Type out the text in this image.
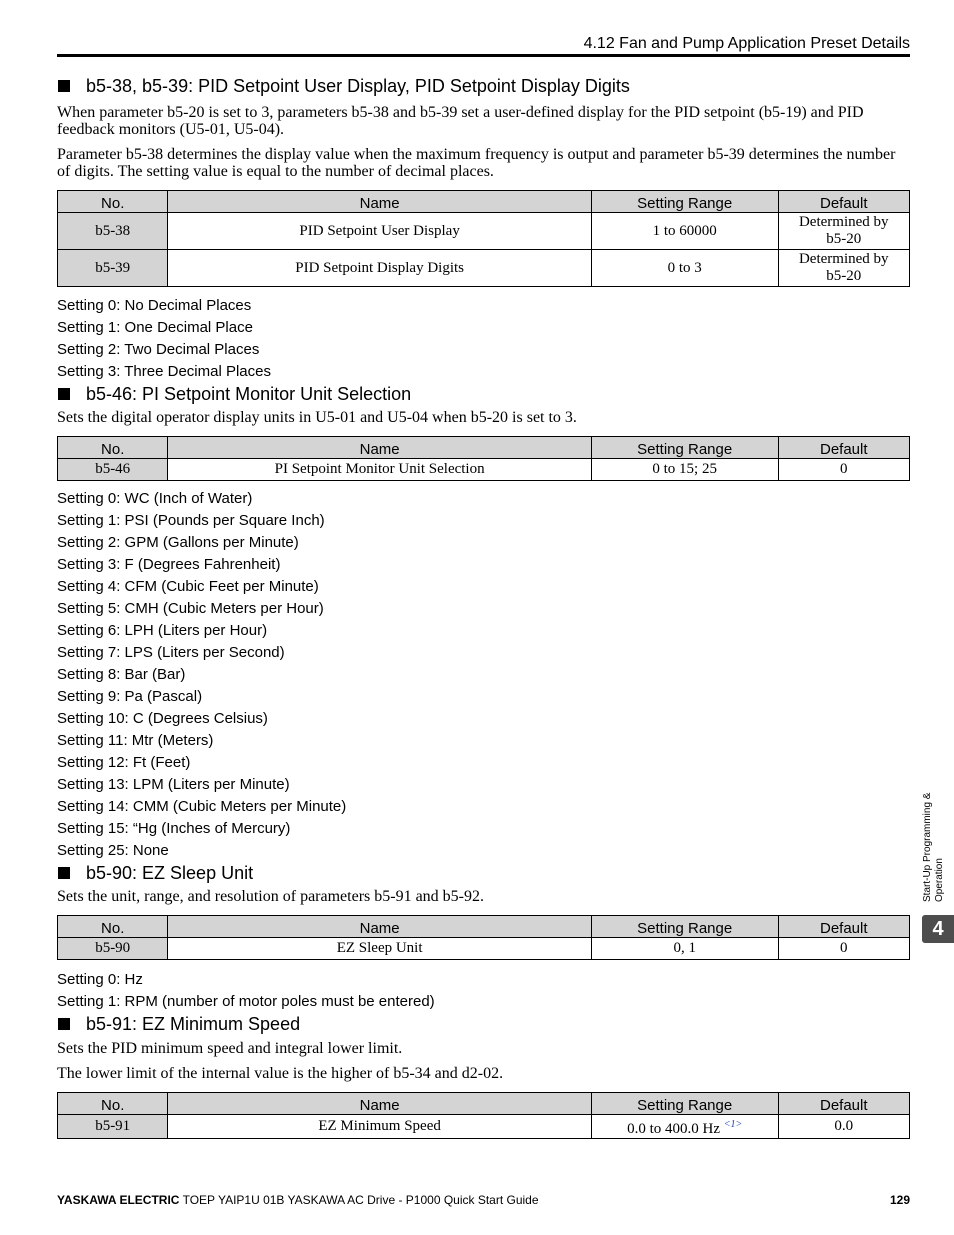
4.12 Fan and Pump Application Preset Details
b5-38, b5-39: PID Setpoint User Display, PID Setpoint Display Digits

When parameter b5-20 is set to 3, parameters b5-38 and b5-39 set a user-defined display for the PID setpoint (b5-19) and PID feedback monitors (U5-01, U5-04).

Parameter b5-38 determines the display value when the maximum frequency is output and parameter b5-39 determines the number of digits. The setting value is equal to the number of decimal places.

No.	Name	Setting Range	Default
b5-38	PID Setpoint User Display	1 to 60000	Determined by
b5-20

b5-39	PID Setpoint Display Digits	0 to 3	Determined by
b5-20

Setting 0: No Decimal Places

Setting 1: One Decimal Place

Setting 2: Two Decimal Places

Setting 3: Three Decimal Places

b5-46: PI Setpoint Monitor Unit Selection

Sets the digital operator display units in U5-01 and U5-04 when b5-20 is set to 3.

No.	Name	Setting Range	Default
b5-46	PI Setpoint Monitor Unit Selection	0 to 15; 25	0

Setting 0: WC (Inch of Water)

Setting 1: PSI (Pounds per Square Inch)

Setting 2: GPM (Gallons per Minute)

Setting 3: F (Degrees Fahrenheit)

Setting 4: CFM (Cubic Feet per Minute)

Setting 5: CMH (Cubic Meters per Hour)

Setting 6: LPH (Liters per Hour)

Setting 7: LPS (Liters per Second)

Setting 8: Bar (Bar)

Setting 9: Pa (Pascal)

Setting 10: C (Degrees Celsius)

Setting 11: Mtr (Meters)

Setting 12: Ft (Feet)

Setting 13: LPM (Liters per Minute)

Setting 14: CMM (Cubic Meters per Minute)

Setting 15: “Hg (Inches of Mercury)

Setting 25: None

b5-90: EZ Sleep Unit

Sets the unit, range, and resolution of parameters b5-91 and b5-92.

No.	Name	Setting Range	Default
b5-90	EZ Sleep Unit	0, 1	0

Setting 0: Hz

Setting 1: RPM (number of motor poles must be entered)

b5-91: EZ Minimum Speed

Sets the PID minimum speed and integral lower limit.

The lower limit of the internal value is the higher of b5-34 and d2-02.

No.	Name	Setting Range	Default
b5-91	EZ Minimum Speed	0.0 to 400.0 Hz $^{<1>}$	0.0
Start-Up Programming & Operation
4
YASKAWA ELECTRIC TOEP YAIP1U 01B YASKAWA AC Drive - P1000 Quick Start Guide	129
